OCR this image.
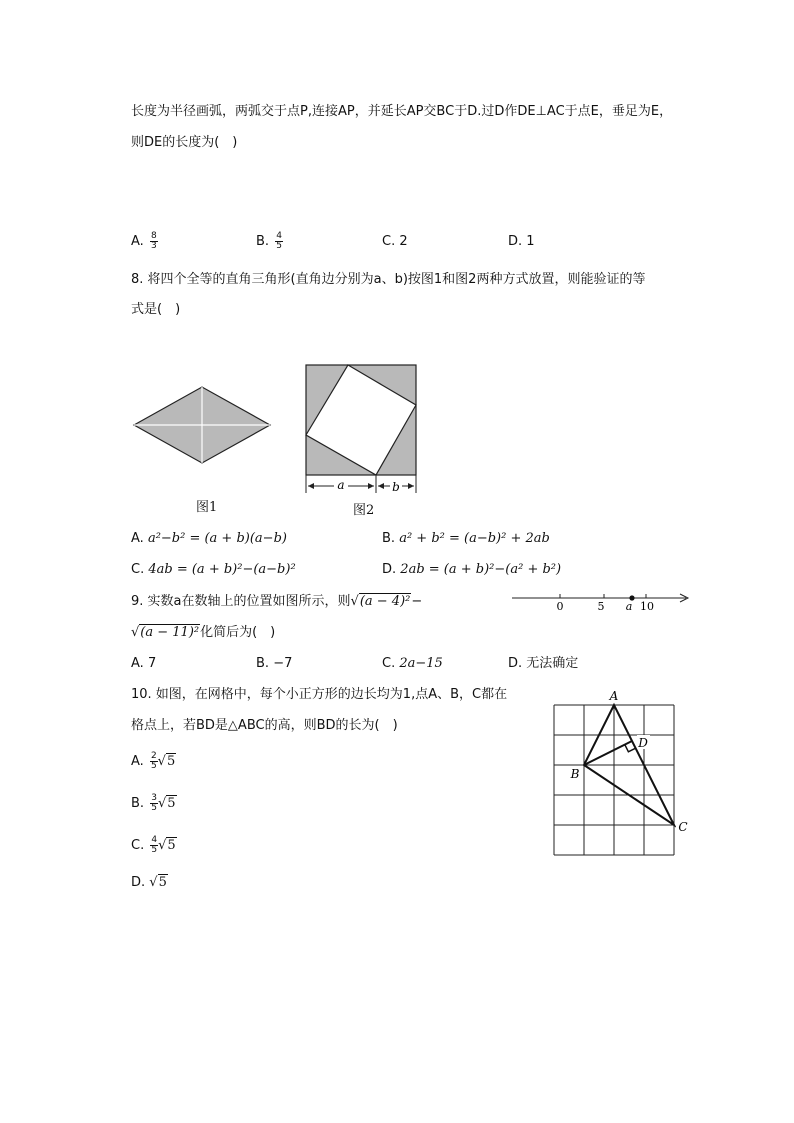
长度为半径画弧，两弧交于点P,连接AP，并延长AP交BC于D.过D作DE⊥AC于点E，垂足为E，
则DE的长度为(　)
A. $\frac{8}{3}$	B. $\frac{4}{5}$	C. 2	D. 1
8. 将四个全等的直角三角形(直角边分别为a、b)按图1和图2两种方式放置，则能验证的等
式是(　)
图1
a	b
图2
A. a²−b² = (a + b)(a−b)	B. a² + b² = (a−b)² + 2ab
C. 4ab = (a + b)²−(a−b)²	D. 2ab = (a + b)²−(a² + b²)
9. 实数a在数轴上的位置如图所示，则√(a − 4)²−
√(a − 11)²化简后为(　)
0	5	10
a
A. 7	B. −7	C. 2a−15	D. 无法确定
10. 如图，在网格中，每个小正方形的边长均为1,点A、B，C都在
格点上，若BD是△ABC的高，则BD的长为(　)
A
B
C
D
A. $\frac{2}{5} √5$
B. $\frac{3}{5} √5$
C. $\frac{4}{5} √5$
D. √5
